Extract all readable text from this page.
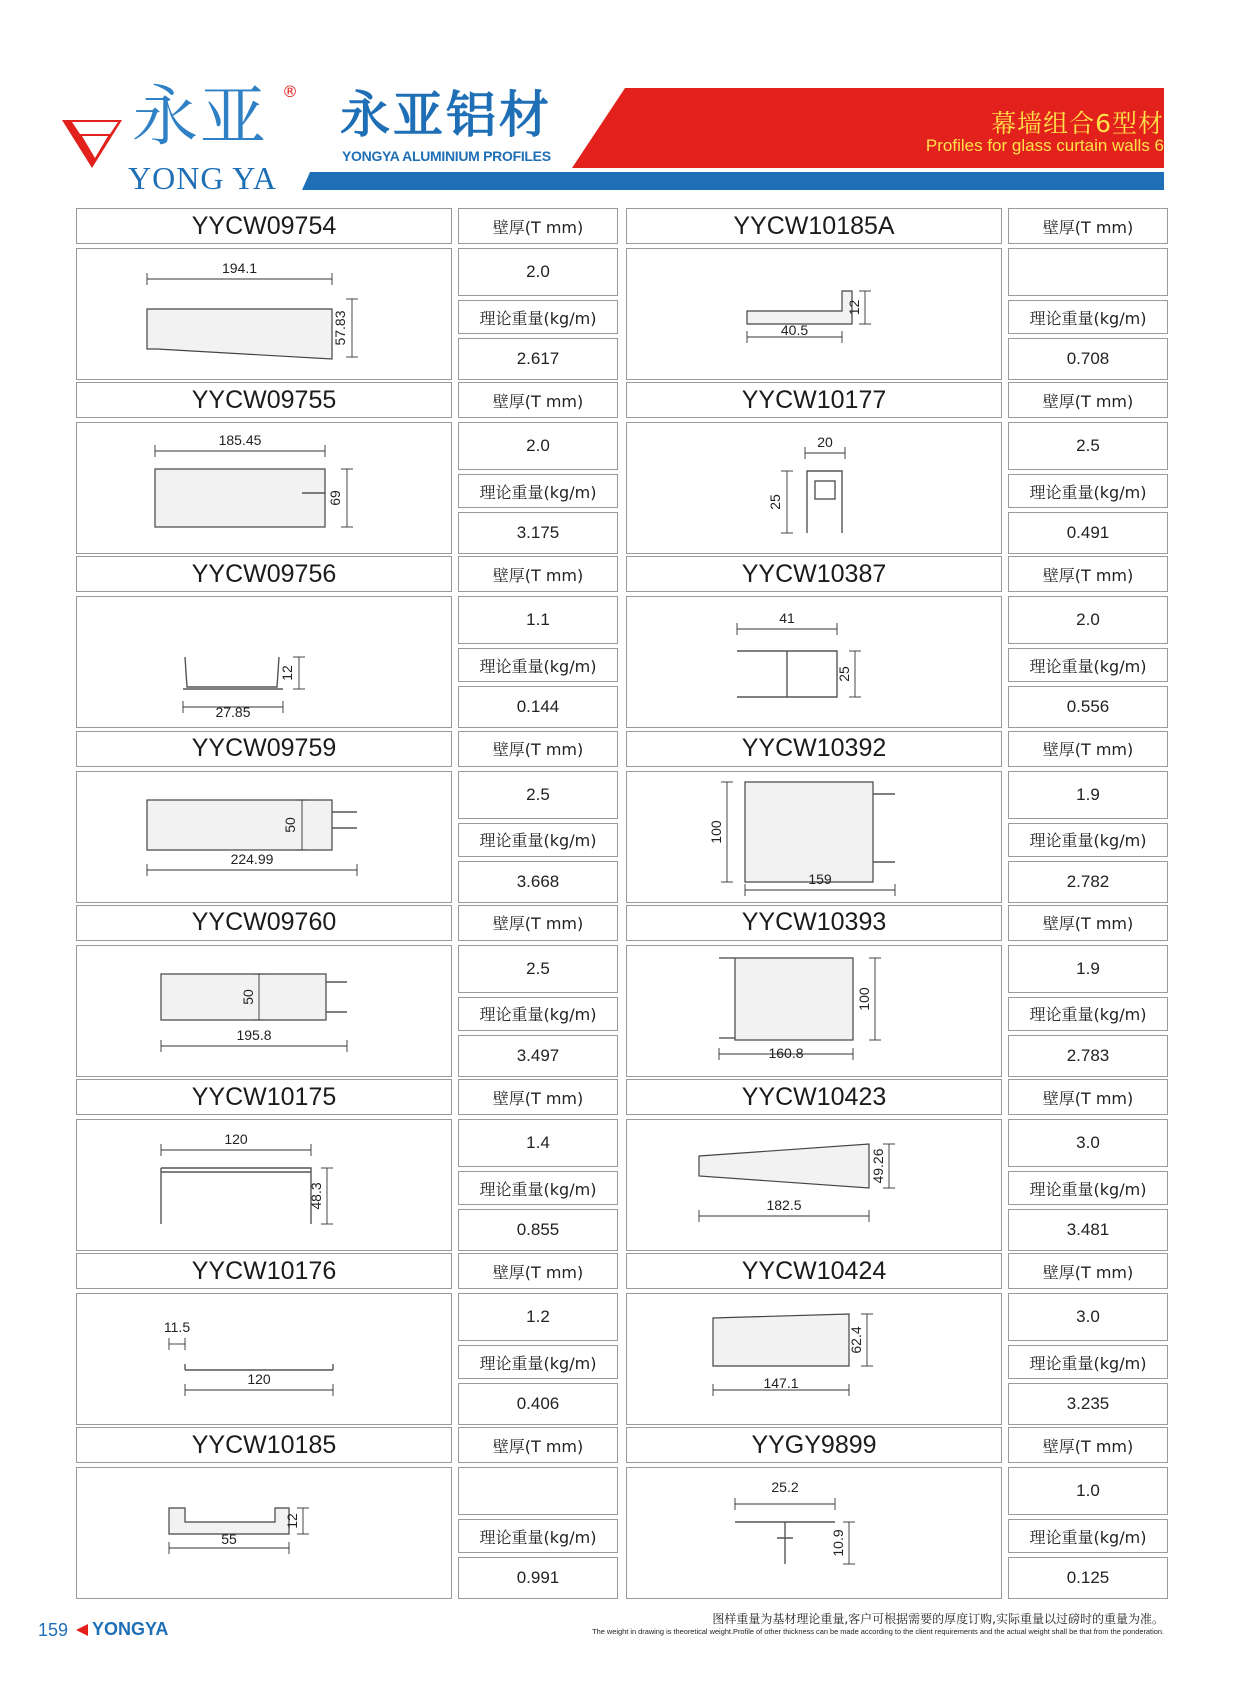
永亚 ®
YONG YA
永亚铝材
YONGYA ALUMINIUM PROFILES
幕墙组合6型材
Profiles for glass curtain walls 6
YYCW09754	壁厚(T mm)
194.1
57.83
2.0
理论重量(kg/m)
2.617
YYCW10185A	壁厚(T mm)
40.5
12
理论重量(kg/m)
0.708
YYCW09755	壁厚(T mm)
185.45
69
2.0
理论重量(kg/m)
3.175
YYCW10177	壁厚(T mm)
20
25
2.5
理论重量(kg/m)
0.491
YYCW09756	壁厚(T mm)
27.85
12
1.1
理论重量(kg/m)
0.144
YYCW10387	壁厚(T mm)
41
25
2.0
理论重量(kg/m)
0.556
YYCW09759	壁厚(T mm)
224.99
50
2.5
理论重量(kg/m)
3.668
YYCW10392	壁厚(T mm)
159
100
1.9
理论重量(kg/m)
2.782
YYCW09760	壁厚(T mm)
195.8
50
2.5
理论重量(kg/m)
3.497
YYCW10393	壁厚(T mm)
160.8
100
1.9
理论重量(kg/m)
2.783
YYCW10175	壁厚(T mm)
120
48.3
1.4
理论重量(kg/m)
0.855
YYCW10423	壁厚(T mm)
182.5
49.26
3.0
理论重量(kg/m)
3.481
YYCW10176	壁厚(T mm)
11.5
120
1.2
理论重量(kg/m)
0.406
YYCW10424	壁厚(T mm)
147.1
62.4
3.0
理论重量(kg/m)
3.235
YYCW10185	壁厚(T mm)
55
12
理论重量(kg/m)
0.991
YYGY9899	壁厚(T mm)
25.2
10.9
1.0
理论重量(kg/m)
0.125
159 YONGYA	图样重量为基材理论重量,客户可根据需要的厚度订购,实际重量以过磅时的重量为准。
The weight in drawing is theoretical weight.Profile of other thickness can be made according to the client requirements and the actual weight shall be that from the ponderation.
